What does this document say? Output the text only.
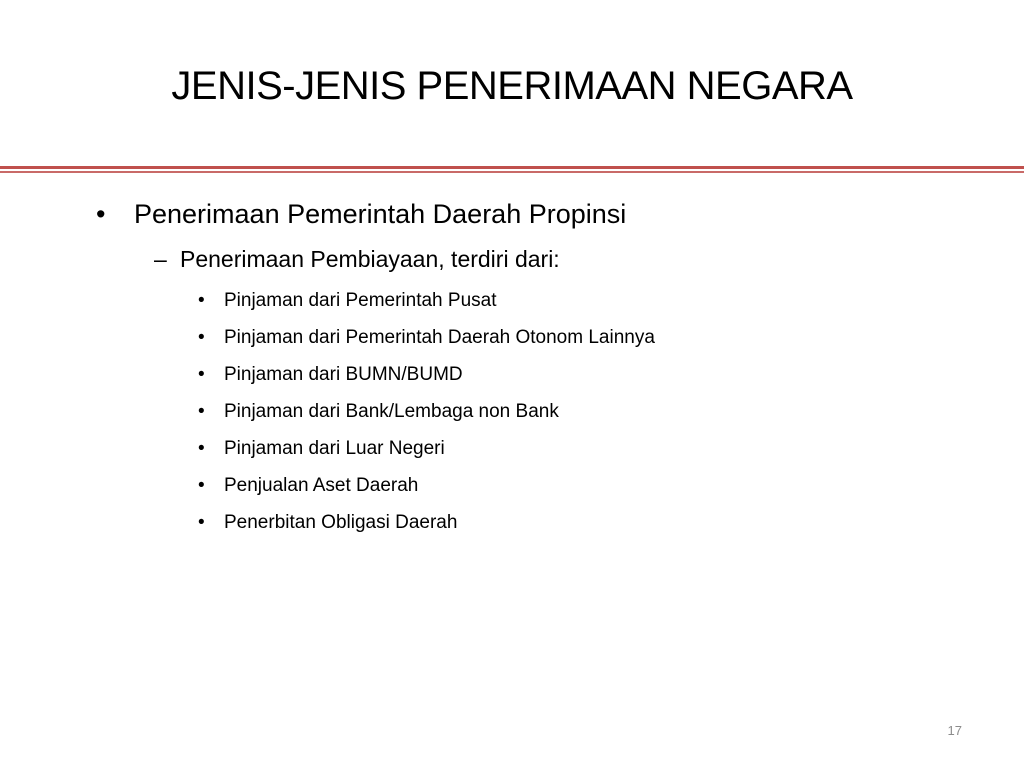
JENIS-JENIS PENERIMAAN NEGARA
• Penerimaan Pemerintah Daerah Propinsi
– Penerimaan Pembiayaan, terdiri dari:
• Pinjaman dari Pemerintah Pusat
• Pinjaman dari Pemerintah Daerah Otonom Lainnya
• Pinjaman dari BUMN/BUMD
• Pinjaman dari Bank/Lembaga non Bank
• Pinjaman dari Luar Negeri
• Penjualan Aset Daerah
• Penerbitan Obligasi Daerah
17
